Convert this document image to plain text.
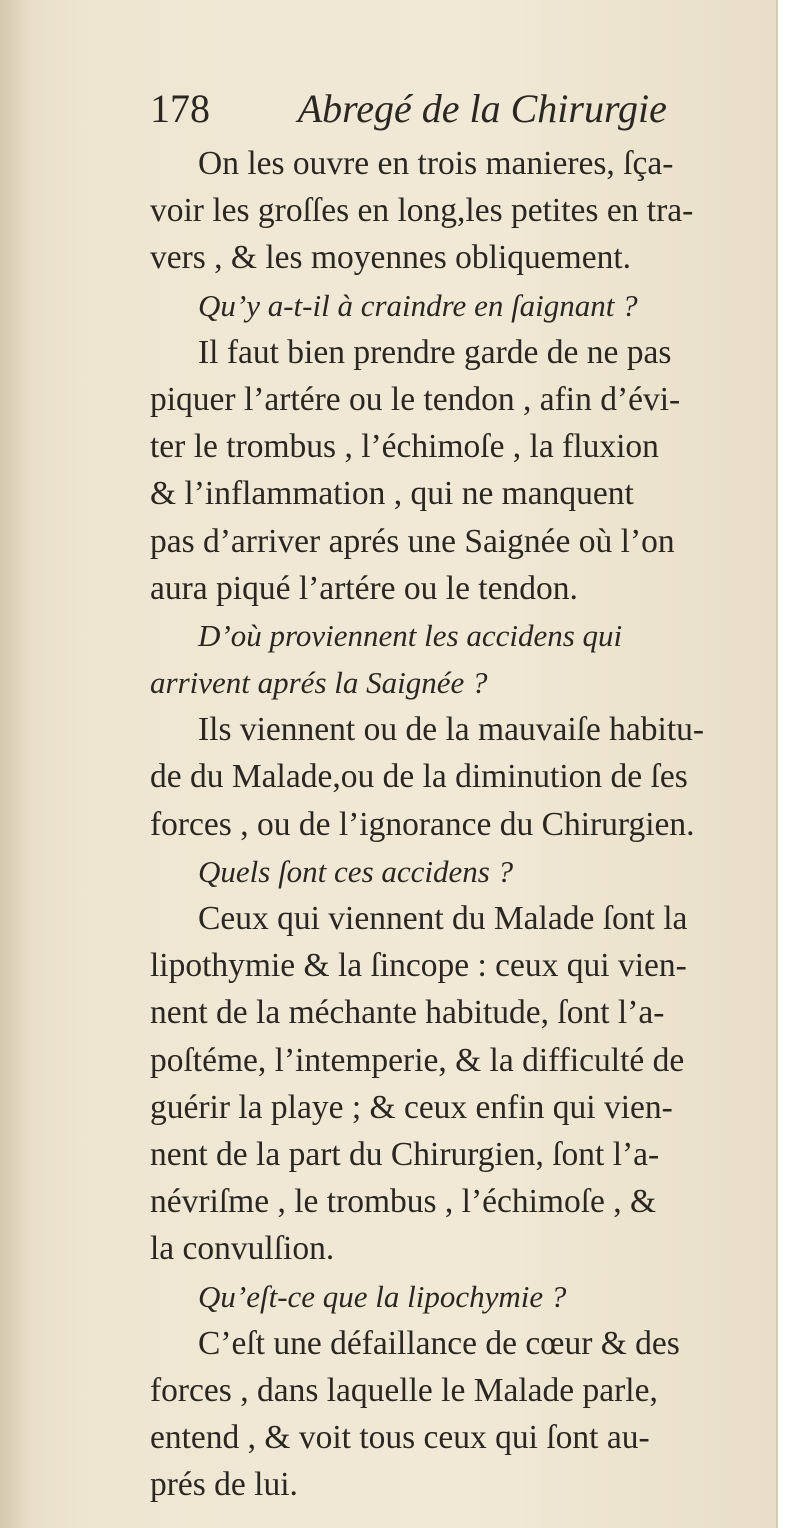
178 Abregé de la Chirurgie
On les ouvre en trois manieres, ſça-
voir les groſſes en long,les petites en tra-
vers , & les moyennes obliquement.
Qu’y a-t-il à craindre en ſaignant ?
Il faut bien prendre garde de ne pas
piquer l’artére ou le tendon , afin d’évi-
ter le trombus , l’échimoſe , la fluxion
& l’inflammation , qui ne manquent
pas d’arriver aprés une Saignée où l’on
aura piqué l’artére ou le tendon.
D’où proviennent les accidens qui
arrivent aprés la Saignée ?
Ils viennent ou de la mauvaiſe habitu-
de du Malade,ou de la diminution de ſes
forces , ou de l’ignorance du Chirurgien.
Quels ſont ces accidens ?
Ceux qui viennent du Malade ſont la
lipothymie & la ſincope : ceux qui vien-
nent de la méchante habitude, ſont l’a-
poſtéme, l’intemperie, & la difficulté de
guérir la playe ; & ceux enfin qui vien-
nent de la part du Chirurgien, ſont l’a-
névriſme , le trombus , l’échimoſe , &
la convulſion.
Qu’eſt-ce que la lipochymie ?
C’eſt une défaillance de cœur & des
forces , dans laquelle le Malade parle,
entend , & voit tous ceux qui ſont au-
prés de lui.
